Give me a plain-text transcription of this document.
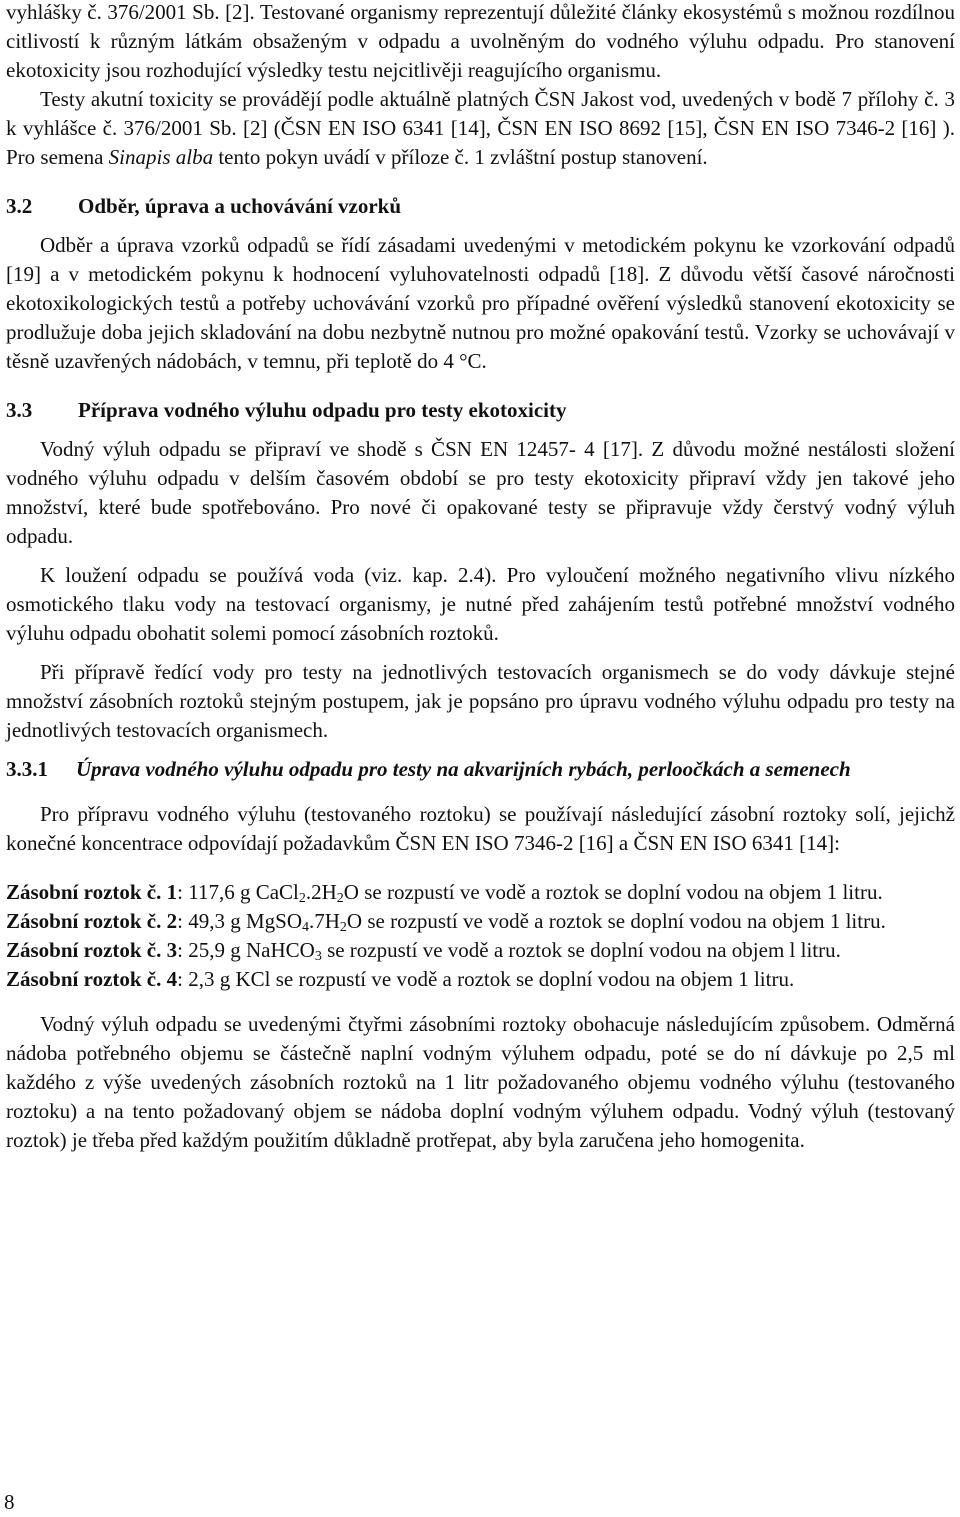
vyhlášky č. 376/2001 Sb. [2]. Testované organismy reprezentují důležité články ekosystémů s možnou rozdílnou citlivostí k různým látkám obsaženým v odpadu a uvolněným do vodného výluhu odpadu. Pro stanovení ekotoxicity jsou rozhodující výsledky testu nejcitlivěji reagujícího organismu.

Testy akutní toxicity se provádějí podle aktuálně platných ČSN Jakost vod, uvedených v bodě 7 přílohy č. 3 k vyhlášce č. 376/2001 Sb. [2] (ČSN EN ISO 6341 [14], ČSN EN ISO 8692 [15], ČSN EN ISO 7346-2 [16] ). Pro semena Sinapis alba tento pokyn uvádí v příloze č. 1 zvláštní postup stanovení.

3.2	Odběr, úprava a uchovávání vzorků

Odběr a úprava vzorků odpadů se řídí zásadami uvedenými v metodickém pokynu ke vzorkování odpadů [19] a v metodickém pokynu k hodnocení vyluhovatelnosti odpadů [18]. Z důvodu větší časové náročnosti ekotoxikologických testů a potřeby uchovávání vzorků pro případné ověření výsledků stanovení ekotoxicity se prodlužuje doba jejich skladování na dobu nezbytně nutnou pro možné opakování testů. Vzorky se uchovávají v těsně uzavřených nádobách, v temnu, při teplotě do 4 °C.

3.3	Příprava vodného výluhu odpadu pro testy ekotoxicity

Vodný výluh odpadu se připraví ve shodě s ČSN EN 12457- 4 [17]. Z důvodu možné nestálosti složení vodného výluhu odpadu v delším časovém období se pro testy ekotoxicity připraví vždy jen takové jeho množství, které bude spotřebováno. Pro nové či opakované testy se připravuje vždy čerstvý vodný výluh odpadu.

K loužení odpadu se používá voda (viz. kap. 2.4). Pro vyloučení možného negativního vlivu nízkého osmotického tlaku vody na testovací organismy, je nutné před zahájením testů potřebné množství vodného výluhu odpadu obohatit solemi pomocí zásobních roztoků.

Při přípravě ředící vody pro testy na jednotlivých testovacích organismech se do vody dávkuje stejné množství zásobních roztoků stejným postupem, jak je popsáno pro úpravu vodného výluhu odpadu pro testy na jednotlivých testovacích organismech.

3.3.1	Úprava vodného výluhu odpadu pro testy na akvarijních rybách, perloočkách a semenech

Pro přípravu vodného výluhu (testovaného roztoku) se používají následující zásobní roztoky solí, jejichž konečné koncentrace odpovídají požadavkům ČSN EN ISO 7346-2 [16] a ČSN EN ISO 6341 [14]:

Zásobní roztok č. 1: 117,6 g $CaCl_2.2H_2O$ se rozpustí ve vodě a roztok se doplní vodou na objem 1 litru.

Zásobní roztok č. 2: 49,3 g $MgSO_4.7H_2O$ se rozpustí ve vodě a roztok se doplní vodou na objem 1 litru.

Zásobní roztok č. 3: 25,9 g NaHCO$_3$ se rozpustí ve vodě a roztok se doplní vodou na objem l litru.

Zásobní roztok č. 4: 2,3 g KCl se rozpustí ve vodě a roztok se doplní vodou na objem 1 litru.

Vodný výluh odpadu se uvedenými čtyřmi zásobními roztoky obohacuje následujícím způsobem. Odměrná nádoba potřebného objemu se částečně naplní vodným výluhem odpadu, poté se do ní dávkuje po 2,5 ml každého z výše uvedených zásobních roztoků na 1 litr požadovaného objemu vodného výluhu (testovaného roztoku) a na tento požadovaný objem se nádoba doplní vodným výluhem odpadu. Vodný výluh (testovaný roztok) je třeba před každým použitím důkladně protřepat, aby byla zaručena jeho homogenita.

8
